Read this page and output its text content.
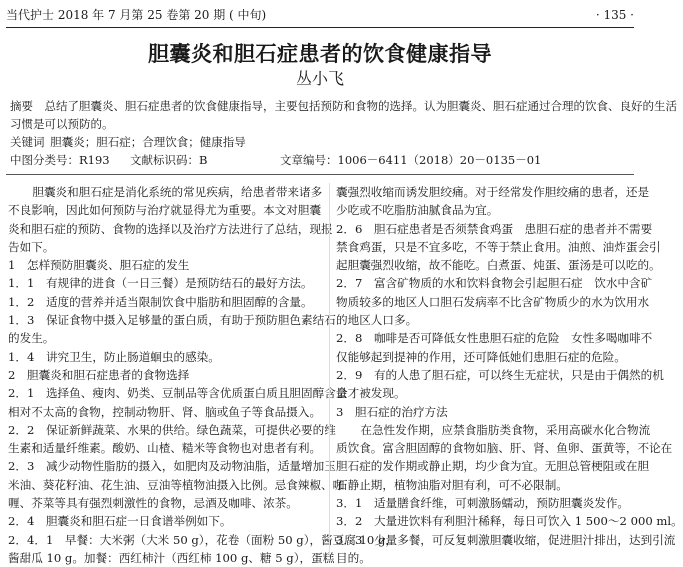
当代护士 2018 年 7 月第 25 卷第 20 期 ( 中旬)	· 135 ·
胆囊炎和胆石症患者的饮食健康指导
丛小飞
摘要  总结了胆囊炎、胆石症患者的饮食健康指导，主要包括预防和食物的选择。认为胆囊炎、胆石症通过合理的饮食、良好的生活
习惯是可以预防的。
关键词  胆囊炎；胆石症；合理饮食；健康指导
中图分类号：R193 文献标识码：B	文章编号：1006－6411（2018）20－0135－01

胆囊炎和胆石症是消化系统的常见疾病，给患者带来诸多

不良影响，因此如何预防与治疗就显得尤为重要。本文对胆囊

炎和胆石症的预防、食物的选择以及治疗方法进行了总结，现报

告如下。

1　怎样预防胆囊炎、胆石症的发生

1．1　有规律的进食（一日三餐）是预防结石的最好方法。

1．2　适度的营养并适当限制饮食中脂肪和胆固醇的含量。

1．3　保证食物中摄入足够量的蛋白质，有助于预防胆色素结石

的发生。

1．4　讲究卫生，防止肠道蛔虫的感染。

2　胆囊炎和胆石症患者的食物选择

2．1　选择鱼、瘦肉、奶类、豆制品等含优质蛋白质且胆固醇含量

相对不太高的食物，控制动物肝、肾、脑或鱼子等食品摄入。

2．2　保证新鲜蔬菜、水果的供给。绿色蔬菜，可提供必要的维

生素和适量纤维素。酸奶、山楂、糙米等食物也对患者有利。

2．3　减少动物性脂肪的摄入，如肥肉及动物油脂，适量增加玉

米油、葵花籽油、花生油、豆油等植物油摄入比例。忌食辣椒、咖

喱、芥菜等具有强烈刺激性的食物，忌酒及咖啡、浓茶。

2．4　胆囊炎和胆石症一日食谱举例如下。

2．4．1　早餐：大米粥（大米 50 g），花卷（面粉 50 g），酱豆腐 10 g，

酱甜瓜 10 g。加餐：西红柿汁（西红柿 100 g、糖 5 g），蛋糕

囊强烈收缩而诱发胆绞痛。对于经常发作胆绞痛的患者，还是

少吃或不吃脂肪油腻食品为宜。

2．6　胆石症患者是否须禁食鸡蛋　患胆石症的患者并不需要

禁食鸡蛋，只是不宜多吃，不等于禁止食用。油煎、油炸蛋会引

起胆囊强烈收缩，故不能吃。白煮蛋、炖蛋、蛋汤是可以吃的。

2．7　富含矿物质的水和饮料食物会引起胆石症　饮水中含矿

物质较多的地区人口胆石发病率不比含矿物质少的水为饮用水

的地区人口多。

2．8　咖啡是否可降低女性患胆石症的危险　女性多喝咖啡不

仅能够起到提神的作用，还可降低她们患胆石症的危险。

2．9　有的人患了胆石症，可以终生无症状，只是由于偶然的机

会才被发现。

3　胆石症的治疗方法

在急性发作期，应禁食脂肪类食物，采用高碳水化合物流

质饮食。富含胆固醇的食物如脑、肝、肾、鱼卵、蛋黄等，不论在

胆石症的发作期或静止期，均少食为宜。无胆总管梗阻或在胆

石静止期，植物油脂对胆有利，可不必限制。

3．1　适量膳食纤维，可刺激肠蠕动，预防胆囊炎发作。

3．2　大量进饮料有利胆汁稀释，每日可饮入 1 500～2 000 ml。

3．3　少量多餐，可反复刺激胆囊收缩，促进胆汁排出，达到引流

目的。
